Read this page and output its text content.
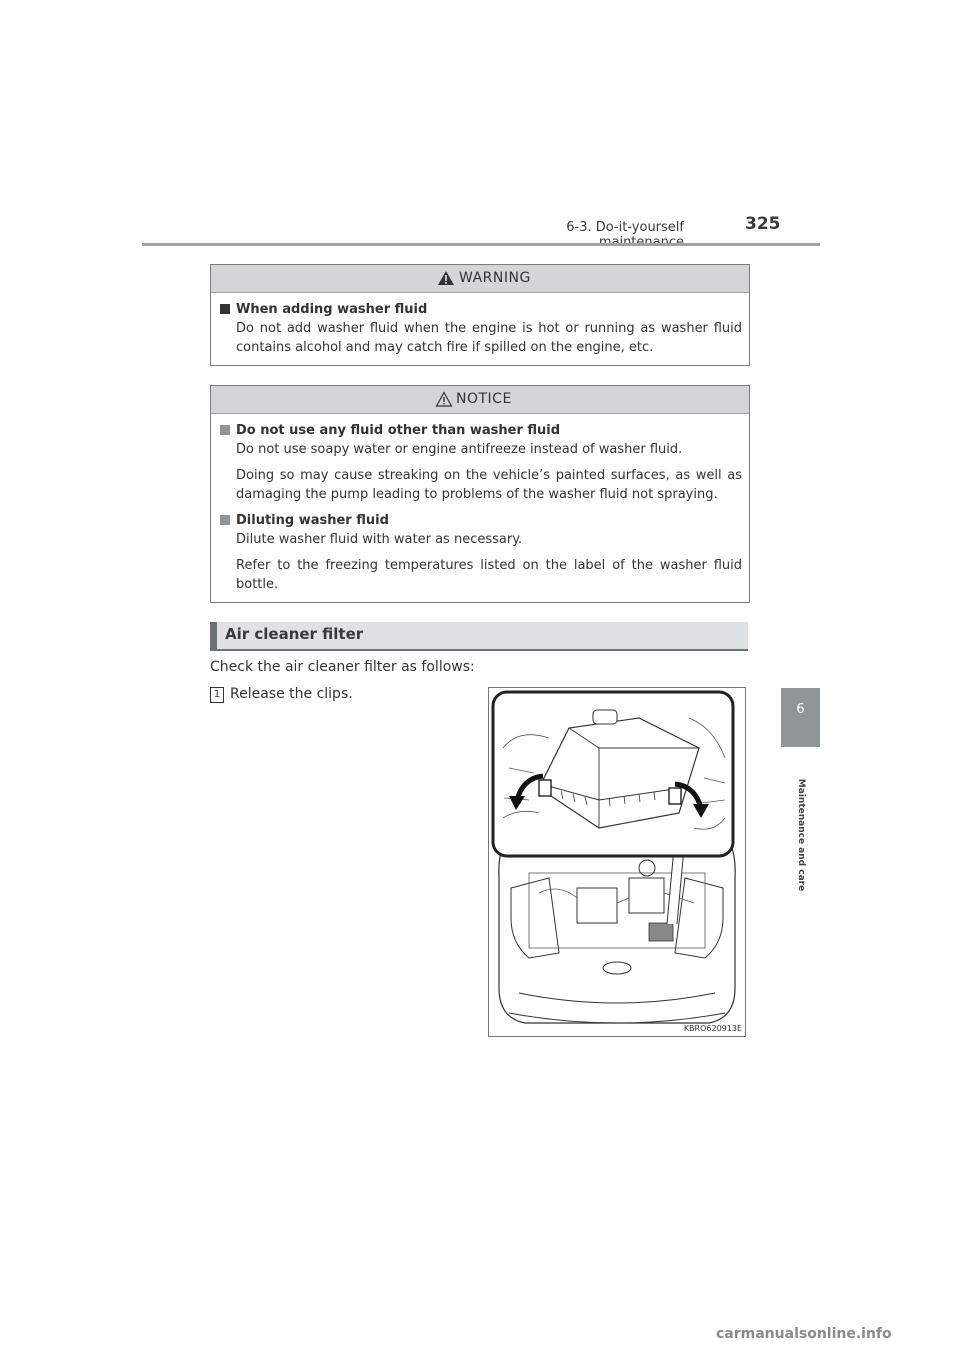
6-3. Do-it-yourself	325
6
Maintenance and care
WARNING
When adding washer fluid
Do not add washer fluid when the engine is hot or running as washer fluid contains alcohol and may catch fire if spilled on the engine, etc.
NOTICE
Do not use any fluid other than washer fluid
Do not use soapy water or engine antifreeze instead of washer fluid.
Doing so may cause streaking on the vehicle’s painted surfaces, as well as damaging the pump leading to problems of the washer fluid not spraying.
Diluting washer fluid
Dilute washer fluid with water as necessary.
Refer to the freezing temperatures listed on the label of the washer fluid bottle.
Air cleaner filter
Check the air cleaner filter as follows:
1 Release the clips.
KBRO620913E
carmanualsonline.info
